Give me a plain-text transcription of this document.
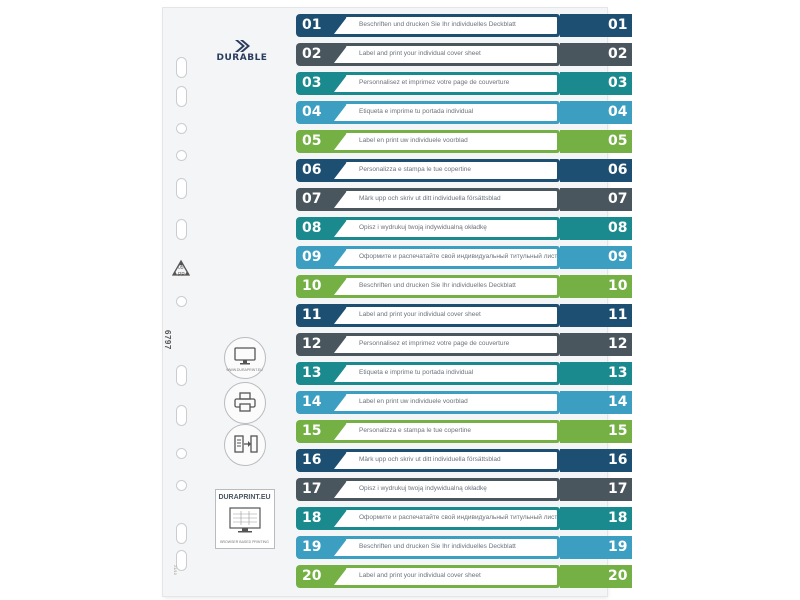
DURABLE
05
PP
6797
WWW.DURAPRINT.EU
DURAPRINT.EU
BROWSER BASED PRINTING
21/10
01	Beschriften und drucken Sie Ihr individuelles Deckblatt	01
02	Label and print your individual cover sheet	02
03	Personnalisez et imprimez votre page de couverture	03
04	Etiqueta e imprime tu portada individual	04
05	Label en print uw individuele voorblad	05
06	Personalizza e stampa le tue copertine	06
07	Märk upp och skriv ut ditt individuella försättsblad	07
08	Opisz i wydrukuj twoją indywidualną okładkę	08
09	Оформите и распечатайте свой индивидуальный титульный лист	09
10	Beschriften und drucken Sie Ihr individuelles Deckblatt	10
11	Label and print your individual cover sheet	11
12	Personnalisez et imprimez votre page de couverture	12
13	Etiqueta e imprime tu portada individual	13
14	Label en print uw individuele voorblad	14
15	Personalizza e stampa le tue copertine	15
16	Märk upp och skriv ut ditt individuella försättsblad	16
17	Opisz i wydrukuj twoją indywidualną okładkę	17
18	Оформите и распечатайте свой индивидуальный титульный лист	18
19	Beschriften und drucken Sie Ihr individuelles Deckblatt	19
20	Label and print your individual cover sheet	20
